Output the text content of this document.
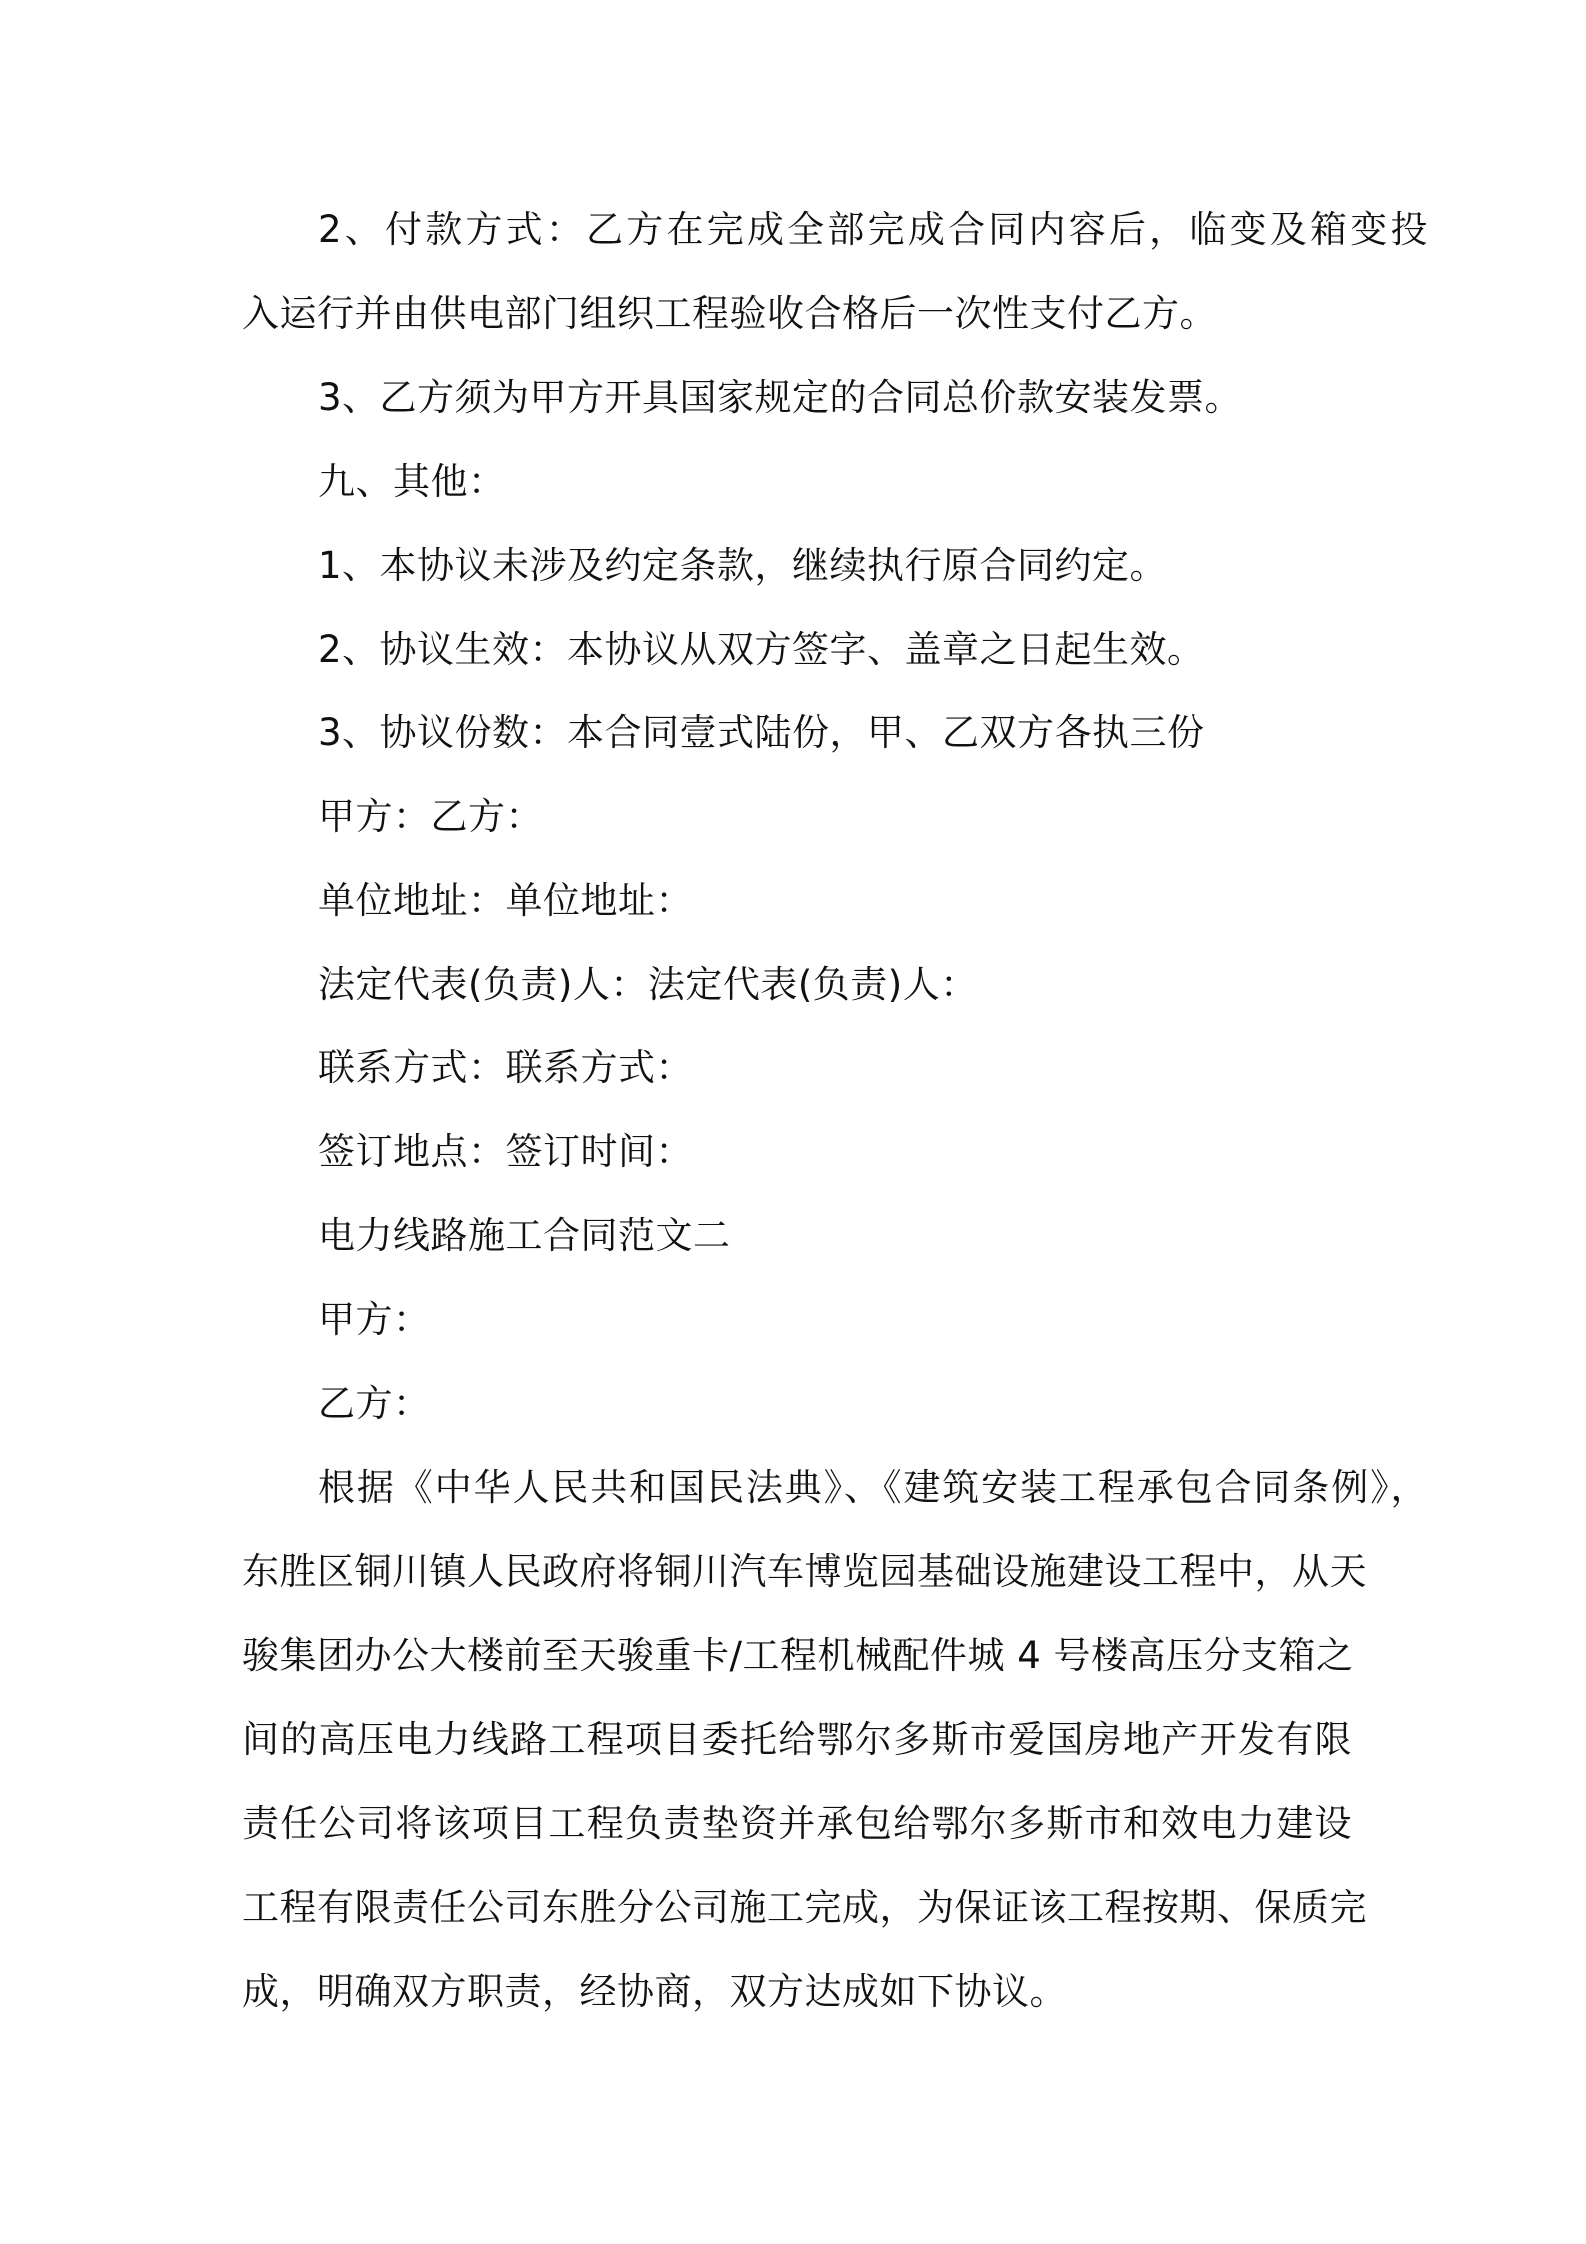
2、付款方式：乙方在完成全部完成合同内容后，临变及箱变投
入运行并由供电部门组织工程验收合格后一次性支付乙方。
3、乙方须为甲方开具国家规定的合同总价款安装发票。
九、其他：
1、本协议未涉及约定条款，继续执行原合同约定。
2、协议生效：本协议从双方签字、盖章之日起生效。
3、协议份数：本合同壹式陆份，甲、乙双方各执三份
甲方：乙方：
单位地址：单位地址：
法定代表(负责)人：法定代表(负责)人：
联系方式：联系方式：
签订地点：签订时间：
电力线路施工合同范文二
甲方：
乙方：
根据《中华人民共和国民法典》、《建筑安装工程承包合同条例》，
东胜区铜川镇人民政府将铜川汽车博览园基础设施建设工程中，从天
骏集团办公大楼前至天骏重卡/工程机械配件城 4 号楼高压分支箱之
间的高压电力线路工程项目委托给鄂尔多斯市爱国房地产开发有限
责任公司将该项目工程负责垫资并承包给鄂尔多斯市和效电力建设
工程有限责任公司东胜分公司施工完成，为保证该工程按期、保质完
成，明确双方职责，经协商，双方达成如下协议。
